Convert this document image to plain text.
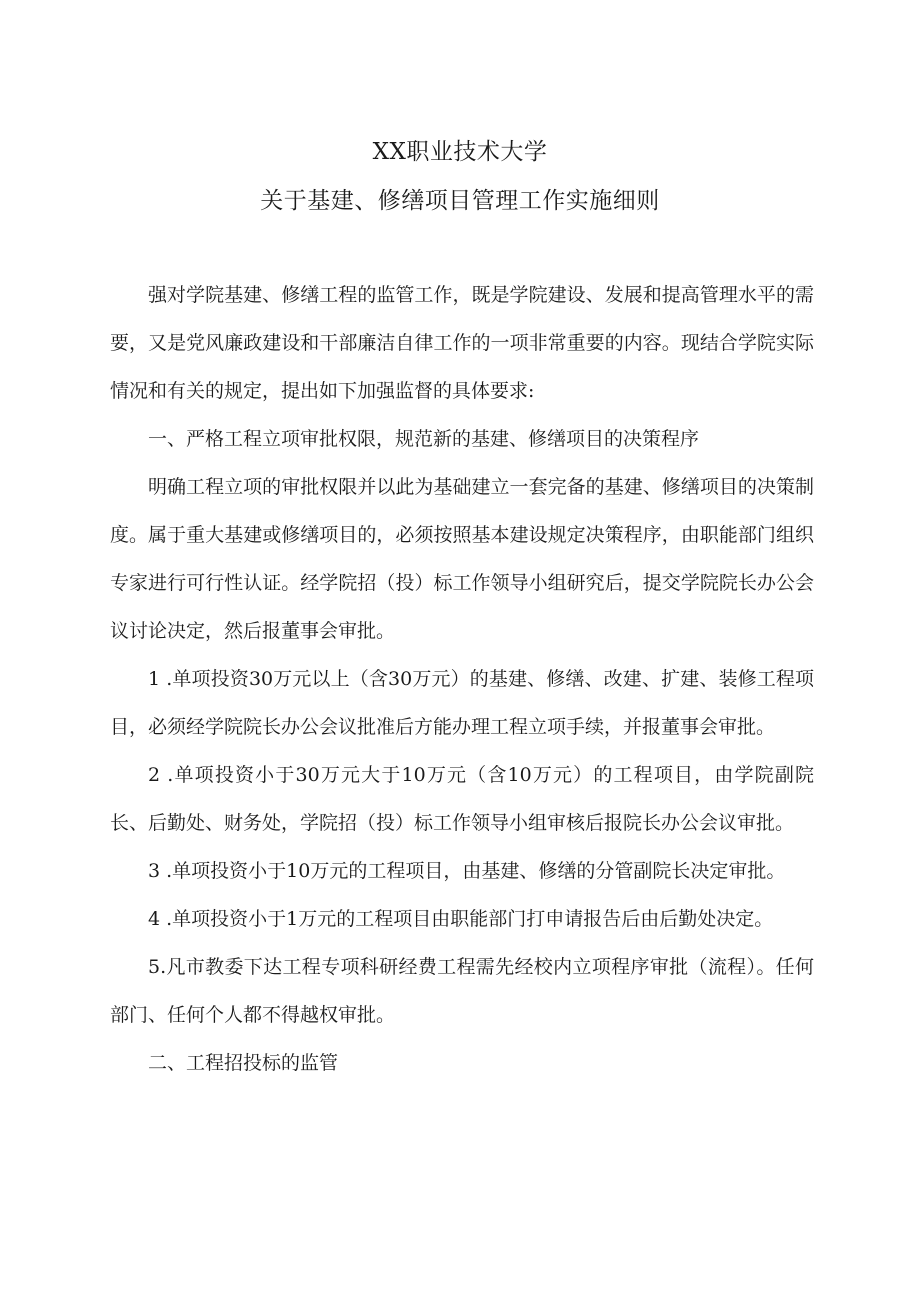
XX职业技术大学
关于基建、修缮项目管理工作实施细则

强对学院基建、修缮工程的监管工作，既是学院建设、发展和提高管理水平的需要，又是党风廉政建设和干部廉洁自律工作的一项非常重要的内容。现结合学院实际情况和有关的规定，提出如下加强监督的具体要求:

一、严格工程立项审批权限，规范新的基建、修缮项目的决策程序

明确工程立项的审批权限并以此为基础建立一套完备的基建、修缮项目的决策制度。属于重大基建或修缮项目的，必须按照基本建设规定决策程序，由职能部门组织专家进行可行性认证。经学院招（投）标工作领导小组研究后，提交学院院长办公会议讨论决定，然后报董事会审批。

1 .单项投资30万元以上（含30万元）的基建、修缮、改建、扩建、装修工程项目，必须经学院院长办公会议批准后方能办理工程立项手续，并报董事会审批。

2 .单项投资小于30万元大于10万元（含10万元）的工程项目，由学院副院长、后勤处、财务处，学院招（投）标工作领导小组审核后报院长办公会议审批。

3 .单项投资小于10万元的工程项目，由基建、修缮的分管副院长决定审批。

4 .单项投资小于1万元的工程项目由职能部门打申请报告后由后勤处决定。

5.凡市教委下达工程专项科研经费工程需先经校内立项程序审批（流程）。任何部门、任何个人都不得越权审批。

二、工程招投标的监管
